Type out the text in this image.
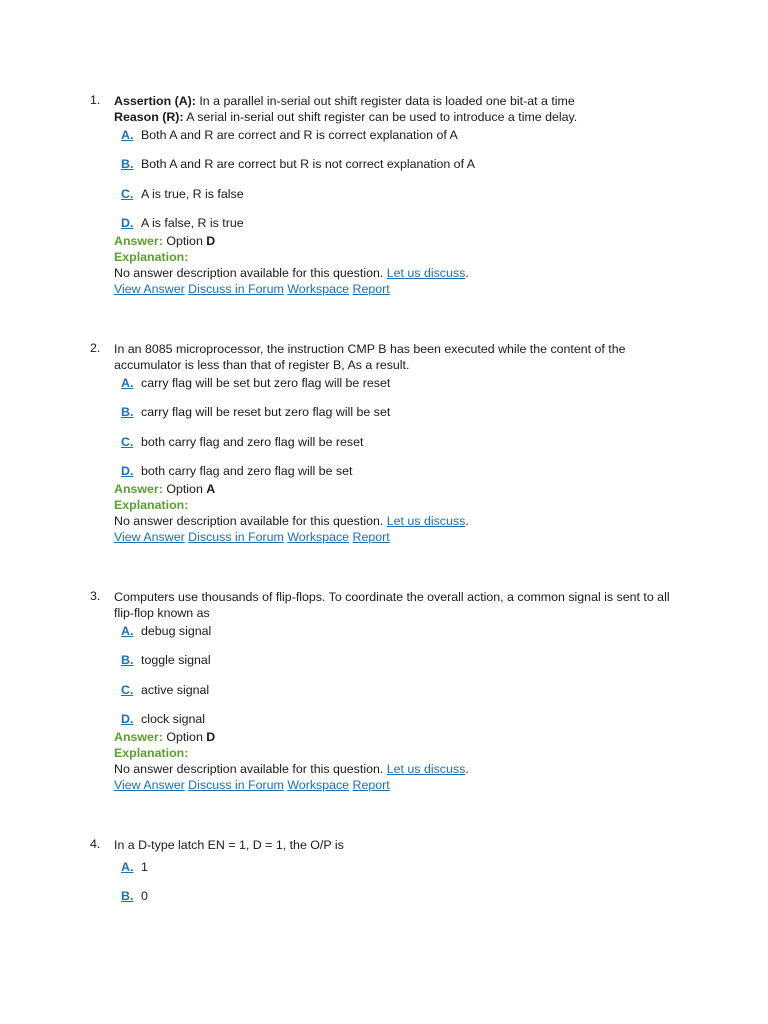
1.	Assertion (A): In a parallel in-serial out shift register data is loaded one bit-at a time
Reason (R): A serial in-serial out shift register can be used to introduce a time delay.
A. Both A and R are correct and R is correct explanation of A
B. Both A and R are correct but R is not correct explanation of A
C. A is true, R is false
D. A is false, R is true
Answer: Option D
Explanation:
No answer description available for this question. Let us discuss.
View Answer Discuss in Forum Workspace Report
2.	In an 8085 microprocessor, the instruction CMP B has been executed while the content of the accumulator is less than that of register B, As a result.
A. carry flag will be set but zero flag will be reset
B. carry flag will be reset but zero flag will be set
C. both carry flag and zero flag will be reset
D. both carry flag and zero flag will be set
Answer: Option A
Explanation:
No answer description available for this question. Let us discuss.
View Answer Discuss in Forum Workspace Report
3.	Computers use thousands of flip-flops. To coordinate the overall action, a common signal is sent to all flip-flop known as
A. debug signal
B. toggle signal
C. active signal
D. clock signal
Answer: Option D
Explanation:
No answer description available for this question. Let us discuss.
View Answer Discuss in Forum Workspace Report
4.	In a D-type latch EN = 1, D = 1, the O/P is
A. 1
B. 0
